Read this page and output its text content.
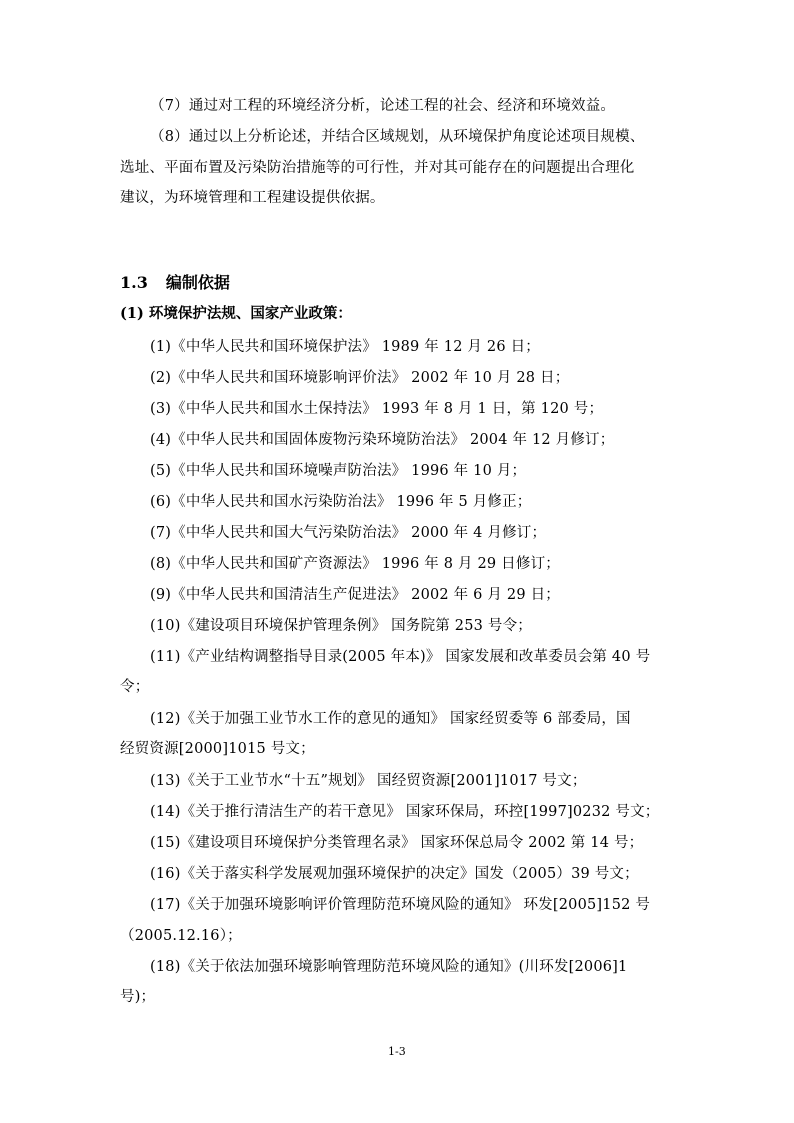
（7）通过对工程的环境经济分析，论述工程的社会、经济和环境效益。
（8）通过以上分析论述，并结合区域规划，从环境保护角度论述项目规模、
选址、平面布置及污染防治措施等的可行性，并对其可能存在的问题提出合理化
建议，为环境管理和工程建设提供依据。
1.3 编制依据
(1) 环境保护法规、国家产业政策：
(1)《中华人民共和国环境保护法》 1989 年 12 月 26 日；
(2)《中华人民共和国环境影响评价法》 2002 年 10 月 28 日；
(3)《中华人民共和国水土保持法》 1993 年 8 月 1 日，第 120 号；
(4)《中华人民共和国固体废物污染环境防治法》 2004 年 12 月修订；
(5)《中华人民共和国环境噪声防治法》 1996 年 10 月；
(6)《中华人民共和国水污染防治法》 1996 年 5 月修正；
(7)《中华人民共和国大气污染防治法》 2000 年 4 月修订；
(8)《中华人民共和国矿产资源法》 1996 年 8 月 29 日修订；
(9)《中华人民共和国清洁生产促进法》 2002 年 6 月 29 日；
(10)《建设项目环境保护管理条例》 国务院第 253 号令；
(11)《产业结构调整指导目录(2005 年本)》 国家发展和改革委员会第 40 号
令；
(12)《关于加强工业节水工作的意见的通知》 国家经贸委等 6 部委局，国
经贸资源[2000]1015 号文；
(13)《关于工业节水“十五”规划》 国经贸资源[2001]1017 号文；
(14)《关于推行清洁生产的若干意见》 国家环保局，环控[1997]0232 号文；
(15)《建设项目环境保护分类管理名录》 国家环保总局令 2002 第 14 号；
(16)《关于落实科学发展观加强环境保护的决定》国发（2005）39 号文；
(17)《关于加强环境影响评价管理防范环境风险的通知》 环发[2005]152 号
（2005.12.16）；
(18)《关于依法加强环境影响管理防范环境风险的通知》(川环发[2006]1
号)；
1-3
